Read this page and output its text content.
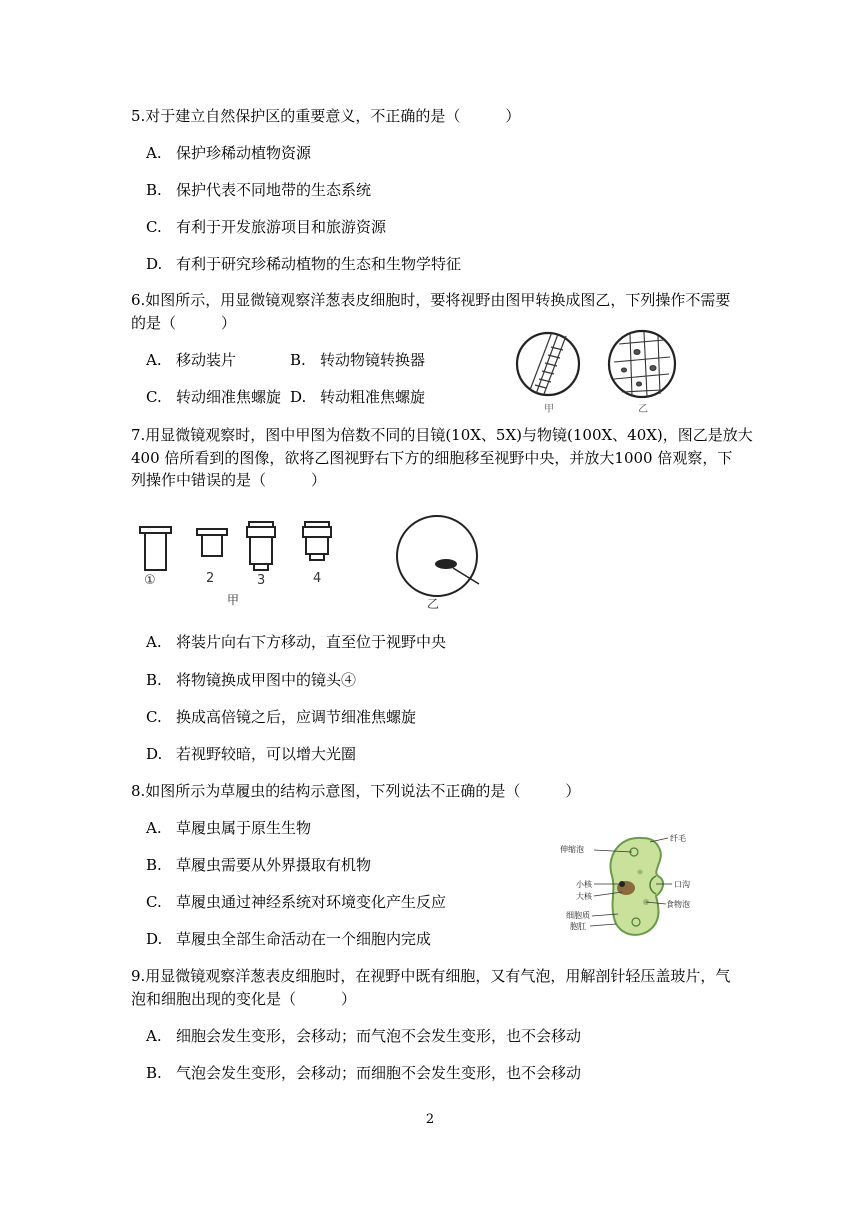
5.对于建立自然保护区的重要意义，不正确的是（　　　）
A. 保护珍稀动植物资源
B. 保护代表不同地带的生态系统
C. 有利于开发旅游项目和旅游资源
D. 有利于研究珍稀动植物的生态和生物学特征
6.如图所示，用显微镜观察洋葱表皮细胞时，要将视野由图甲转换成图乙，下列操作不需要
的是（　　　）
A. 移动装片	B. 转动物镜转换器
C. 转动细准焦螺旋 D. 转动粗准焦螺旋
甲	乙
7.用显微镜观察时，图中甲图为倍数不同的目镜(10X、5X)与物镜(100X、40X)，图乙是放大
400 倍所看到的图像，欲将乙图视野右下方的细胞移至视野中央，并放大1000 倍观察，下
列操作中错误的是（　　　）
①	2	3	4
甲	乙
A. 将装片向右下方移动，直至位于视野中央
B. 将物镜换成甲图中的镜头④
C. 换成高倍镜之后，应调节细准焦螺旋
D. 若视野较暗，可以增大光圈
8.如图所示为草履虫的结构示意图，下列说法不正确的是（　　　）
A. 草履虫属于原生生物
B. 草履虫需要从外界摄取有机物
C. 草履虫通过神经系统对环境变化产生反应
D. 草履虫全部生命活动在一个细胞内完成
伸缩泡
纤毛
口沟
小核
大核
食物泡
细胞质
胞肛
9.用显微镜观察洋葱表皮细胞时，在视野中既有细胞，又有气泡，用解剖针轻压盖玻片，气
泡和细胞出现的变化是（　　　）
A. 细胞会发生变形，会移动；而气泡不会发生变形，也不会移动
B. 气泡会发生变形，会移动；而细胞不会发生变形，也不会移动
2
